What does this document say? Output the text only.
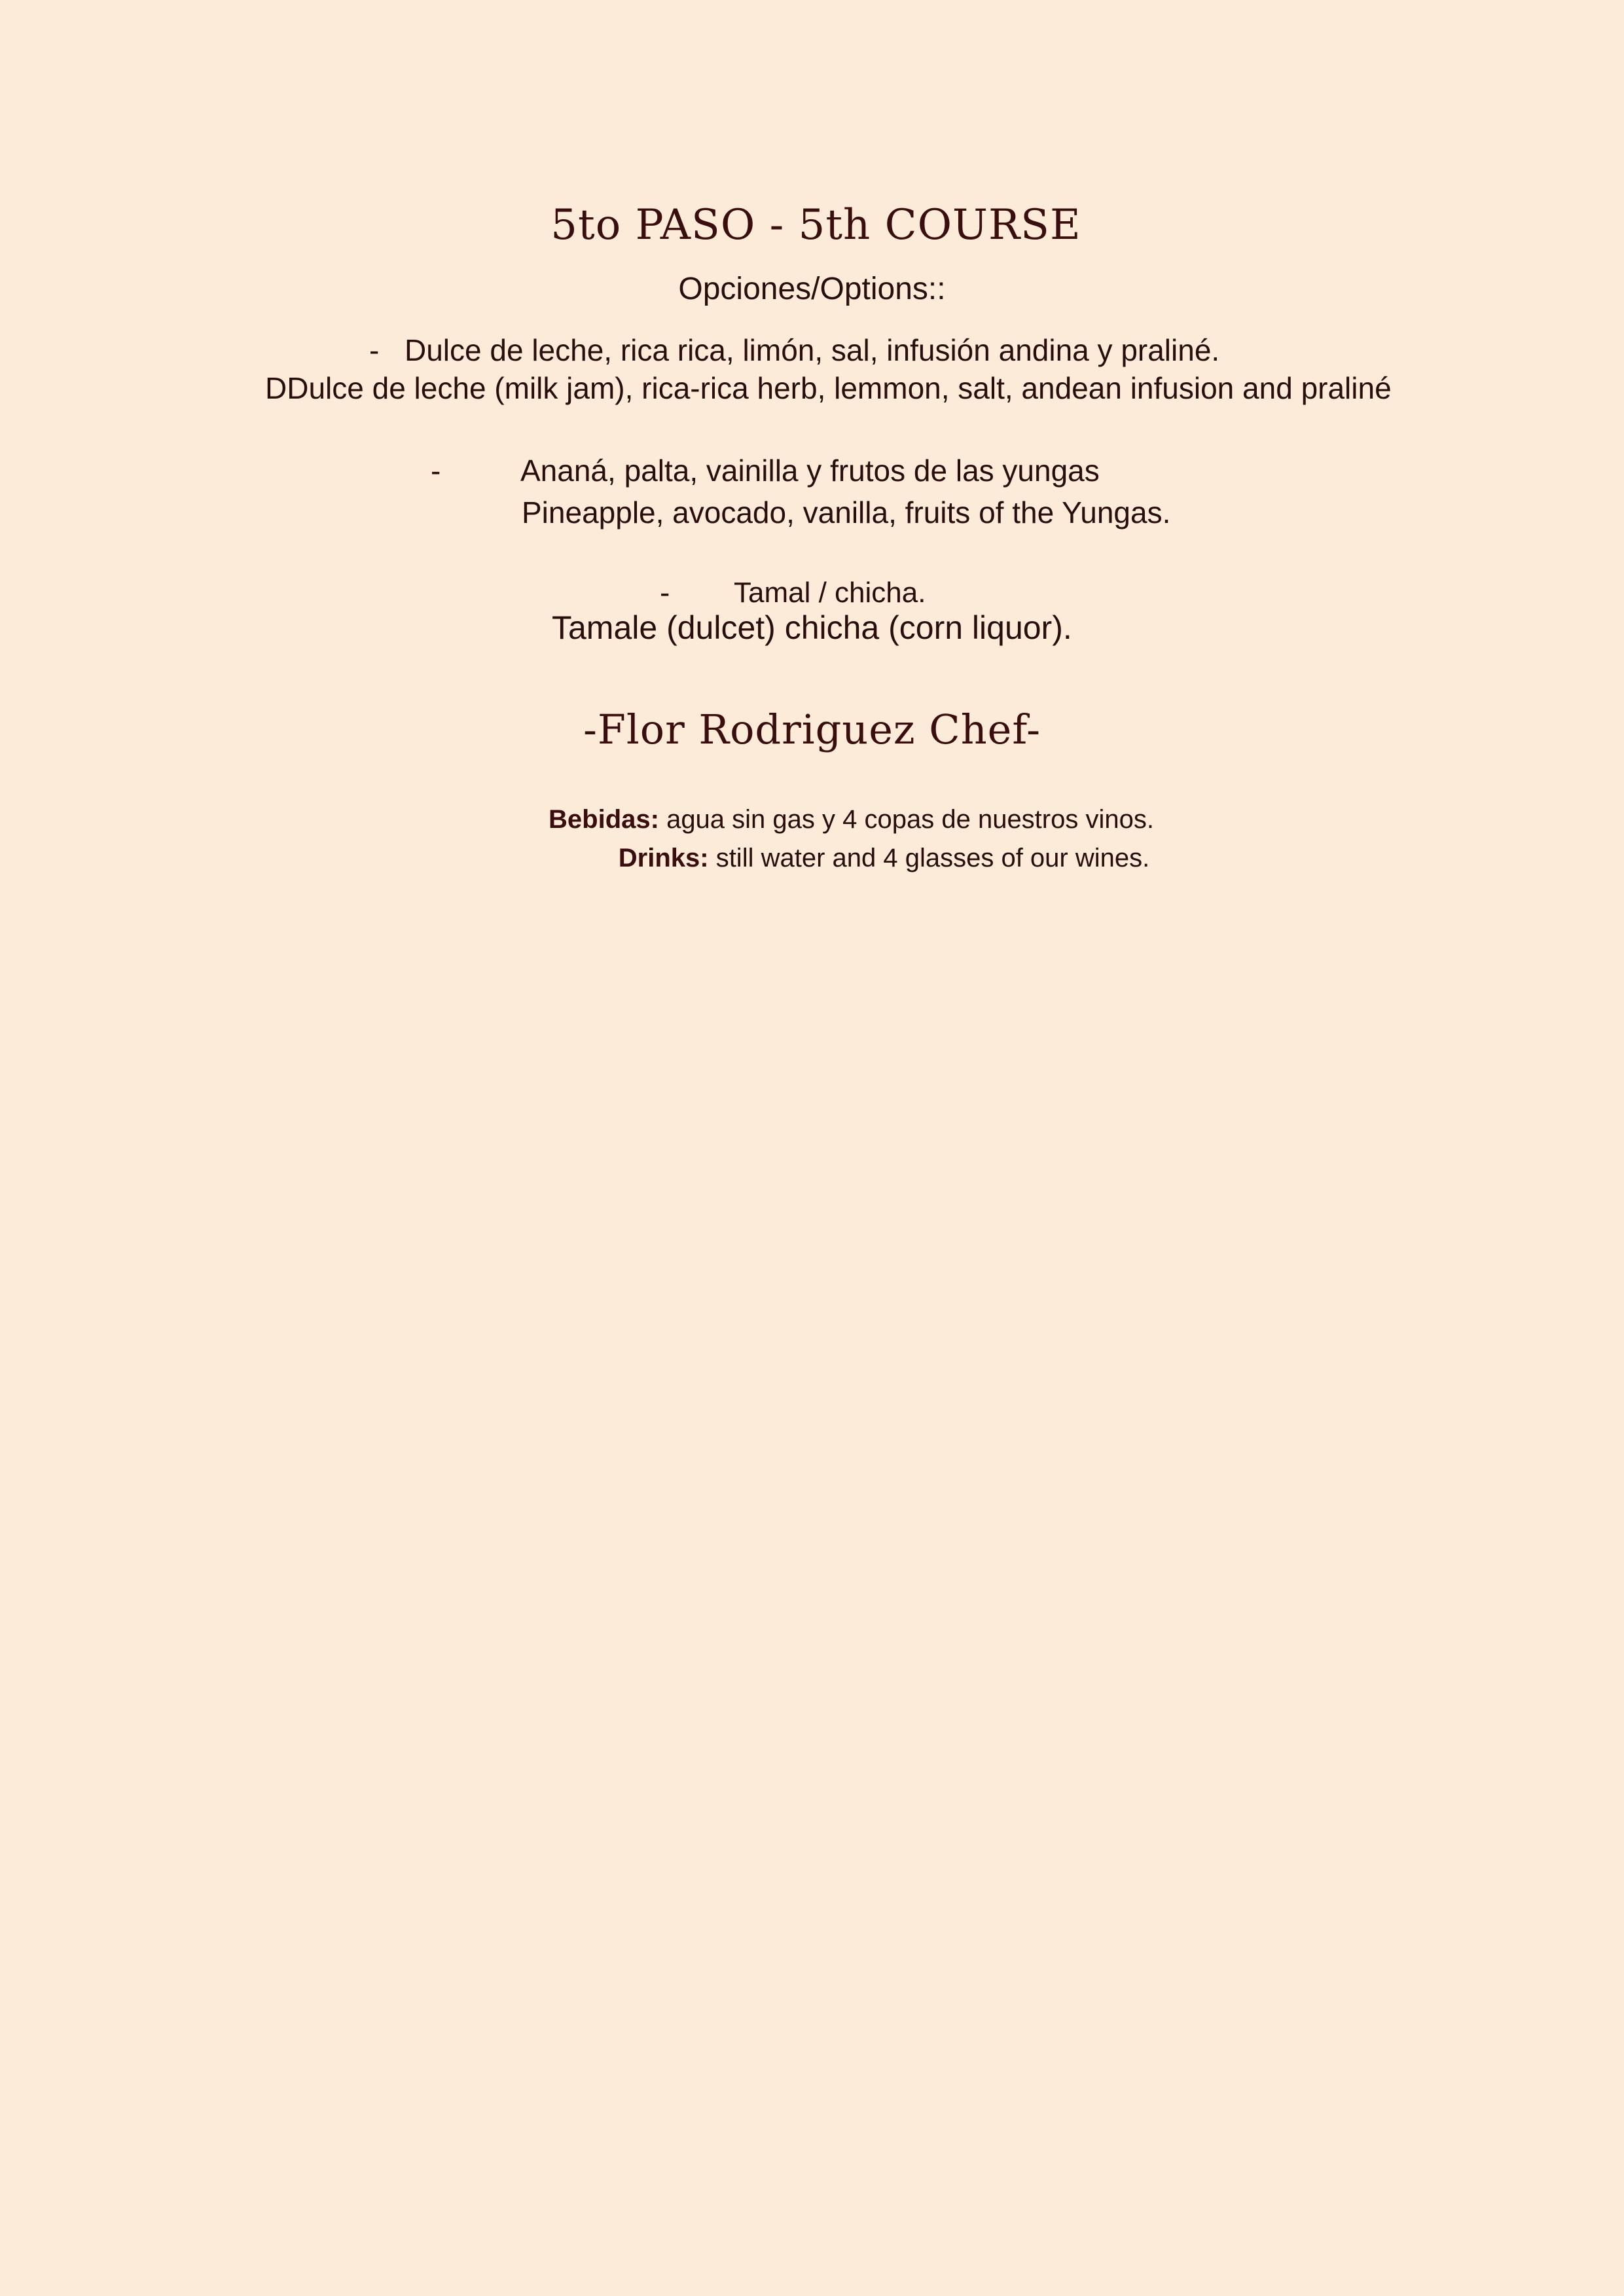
5to PASO - 5th COURSE
Opciones/Options::
- Dulce de leche, rica rica, limón, sal, infusión andina y praliné.
DDulce de leche (milk jam), rica-rica herb, lemmon, salt, andean infusion and praliné
-	Ananá, palta, vainilla y frutos de las yungas
Pineapple, avocado, vanilla, fruits of the Yungas.
- Tamal / chicha.
Tamale (dulcet) chicha (corn liquor).
-Flor Rodriguez Chef-
Bebidas: agua sin gas y 4 copas de nuestros vinos.
Drinks: still water and 4 glasses of our wines.
